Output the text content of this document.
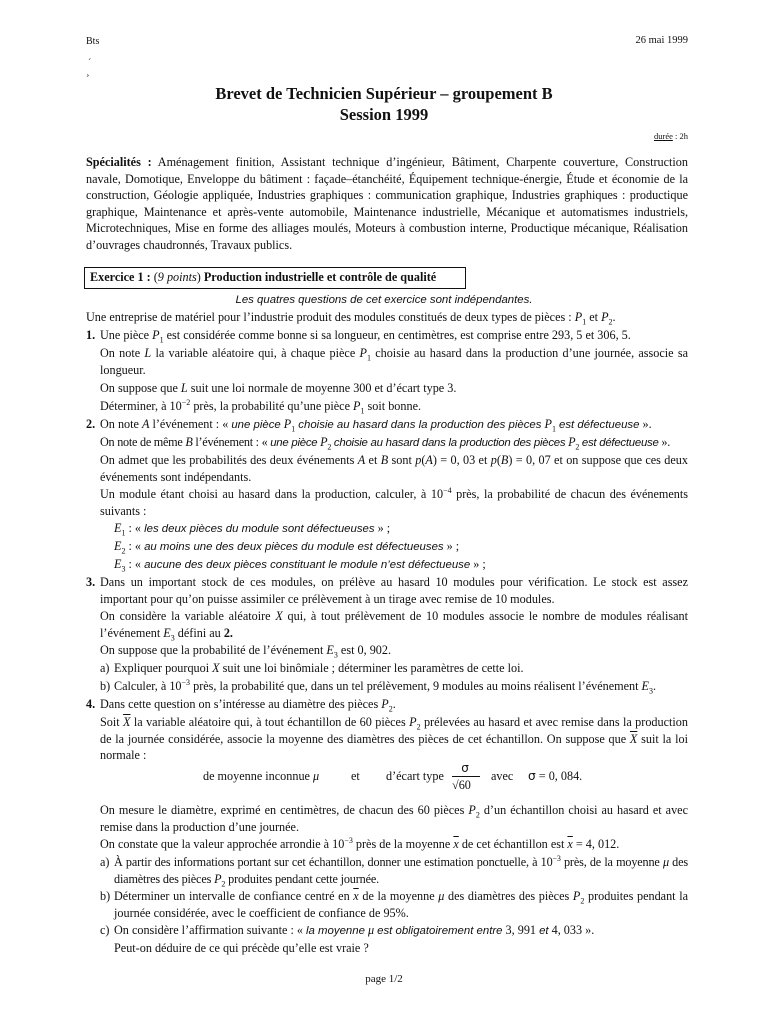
Bts	26 mai 1999
´
¸
Brevet de Technicien Supérieur – groupement B
Session 1999
durée : 2h
Spécialités : Aménagement finition, Assistant technique d’ingénieur, Bâtiment, Charpente couverture, Construction navale, Domotique, Enveloppe du bâtiment : façade–étanchéité, Équipement technique-énergie, Étude et économie de la construction, Géologie appliquée, Industries graphiques : communication graphique, Industries graphiques : productique graphique, Maintenance et après-vente automobile, Maintenance industrielle, Mécanique et automatismes industriels, Microtechniques, Mise en forme des alliages moulés, Moteurs à combustion interne, Productique mécanique, Réalisation d’ouvrages chaudronnés, Travaux publics.
Exercice 1 : (9 points) Production industrielle et contrôle de qualité
Les quatres questions de cet exercice sont indépendantes.
Une entreprise de matériel pour l’industrie produit des modules constitués de deux types de pièces : $P_1$ et $P_2$.
1. Une pièce $P_1$ est considérée comme bonne si sa longueur, en centimètres, est comprise entre 293, 5 et 306, 5.
On note L la variable aléatoire qui, à chaque pièce $P_1$ choisie au hasard dans la production d’une journée, associe sa longueur.
On suppose que L suit une loi normale de moyenne 300 et d’écart type 3.
Déterminer, à $10^{-2}$ près, la probabilité qu’une pièce $P_1$ soit bonne.
2. On note A l’événement : « une pièce $P_1$ choisie au hasard dans la production des pièces $P_1$ est défectueuse ».
On note de même B l’événement : « une pièce $P_2$ choisie au hasard dans la production des pièces $P_2$ est défectueuse ».
On admet que les probabilités des deux événements A et B sont p(A) = 0, 03 et p(B) = 0, 07 et on suppose que ces deux événements sont indépendants.
Un module étant choisi au hasard dans la production, calculer, à $10^{-4}$ près, la probabilité de chacun des événements suivants :
$E_1$ : « les deux pièces du module sont défectueuses » ;
$E_2$ : « au moins une des deux pièces du module est défectueuses » ;
$E_3$ : « aucune des deux pièces constituant le module n’est défectueuse » ;
3. Dans un important stock de ces modules, on prélève au hasard 10 modules pour vérification. Le stock est assez important pour qu’on puisse assimiler ce prélèvement à un tirage avec remise de 10 modules.
On considère la variable aléatoire X qui, à tout prélèvement de 10 modules associe le nombre de modules réalisant l’événement $E_3$ défini au 2.
On suppose que la probabilité de l’événement $E_3$ est 0, 902.
a) Expliquer pourquoi X suit une loi binômiale ; déterminer les paramètres de cette loi.
b) Calculer, à $10^{-3}$ près, la probabilité que, dans un tel prélèvement, 9 modules au moins réalisent l’événement $E_3$.
4. Dans cette question on s’intéresse au diamètre des pièces $P_2$.
Soit $\overline{X}$ la variable aléatoire qui, à tout échantillon de 60 pièces $P_2$ prélevées au hasard et avec remise dans la production de la journée considérée, associe la moyenne des diamètres des pièces de cet échantillon. On suppose que $\overline{X}$ suit la loi normale :
de moyenne inconnue μ	et d’écart type
σ
√60
avec σ = 0, 084.
On mesure le diamètre, exprimé en centimètres, de chacun des 60 pièces $P_2$ d’un échantillon choisi au hasard et avec remise dans la production d’une journée.
On constate que la valeur approchée arrondie à $10^{-3}$ près de la moyenne $\overline{x}$ de cet échantillon est $\overline{x} = 4$, 012.
a) À partir des informations portant sur cet échantillon, donner une estimation ponctuelle, à $10^{-3}$ près, de la moyenne μ des diamètres des pièces $P_2$ produites pendant cette journée.
b) Déterminer un intervalle de confiance centré en $\overline{x}$ de la moyenne μ des diamètres des pièces $P_2$ produites pendant la journée considérée, avec le coefficient de confiance de 95%.
c) On considère l’affirmation suivante : « la moyenne μ est obligatoirement entre 3, 991 et 4, 033 ».
Peut-on déduire de ce qui précède qu’elle est vraie ?
page 1/2
